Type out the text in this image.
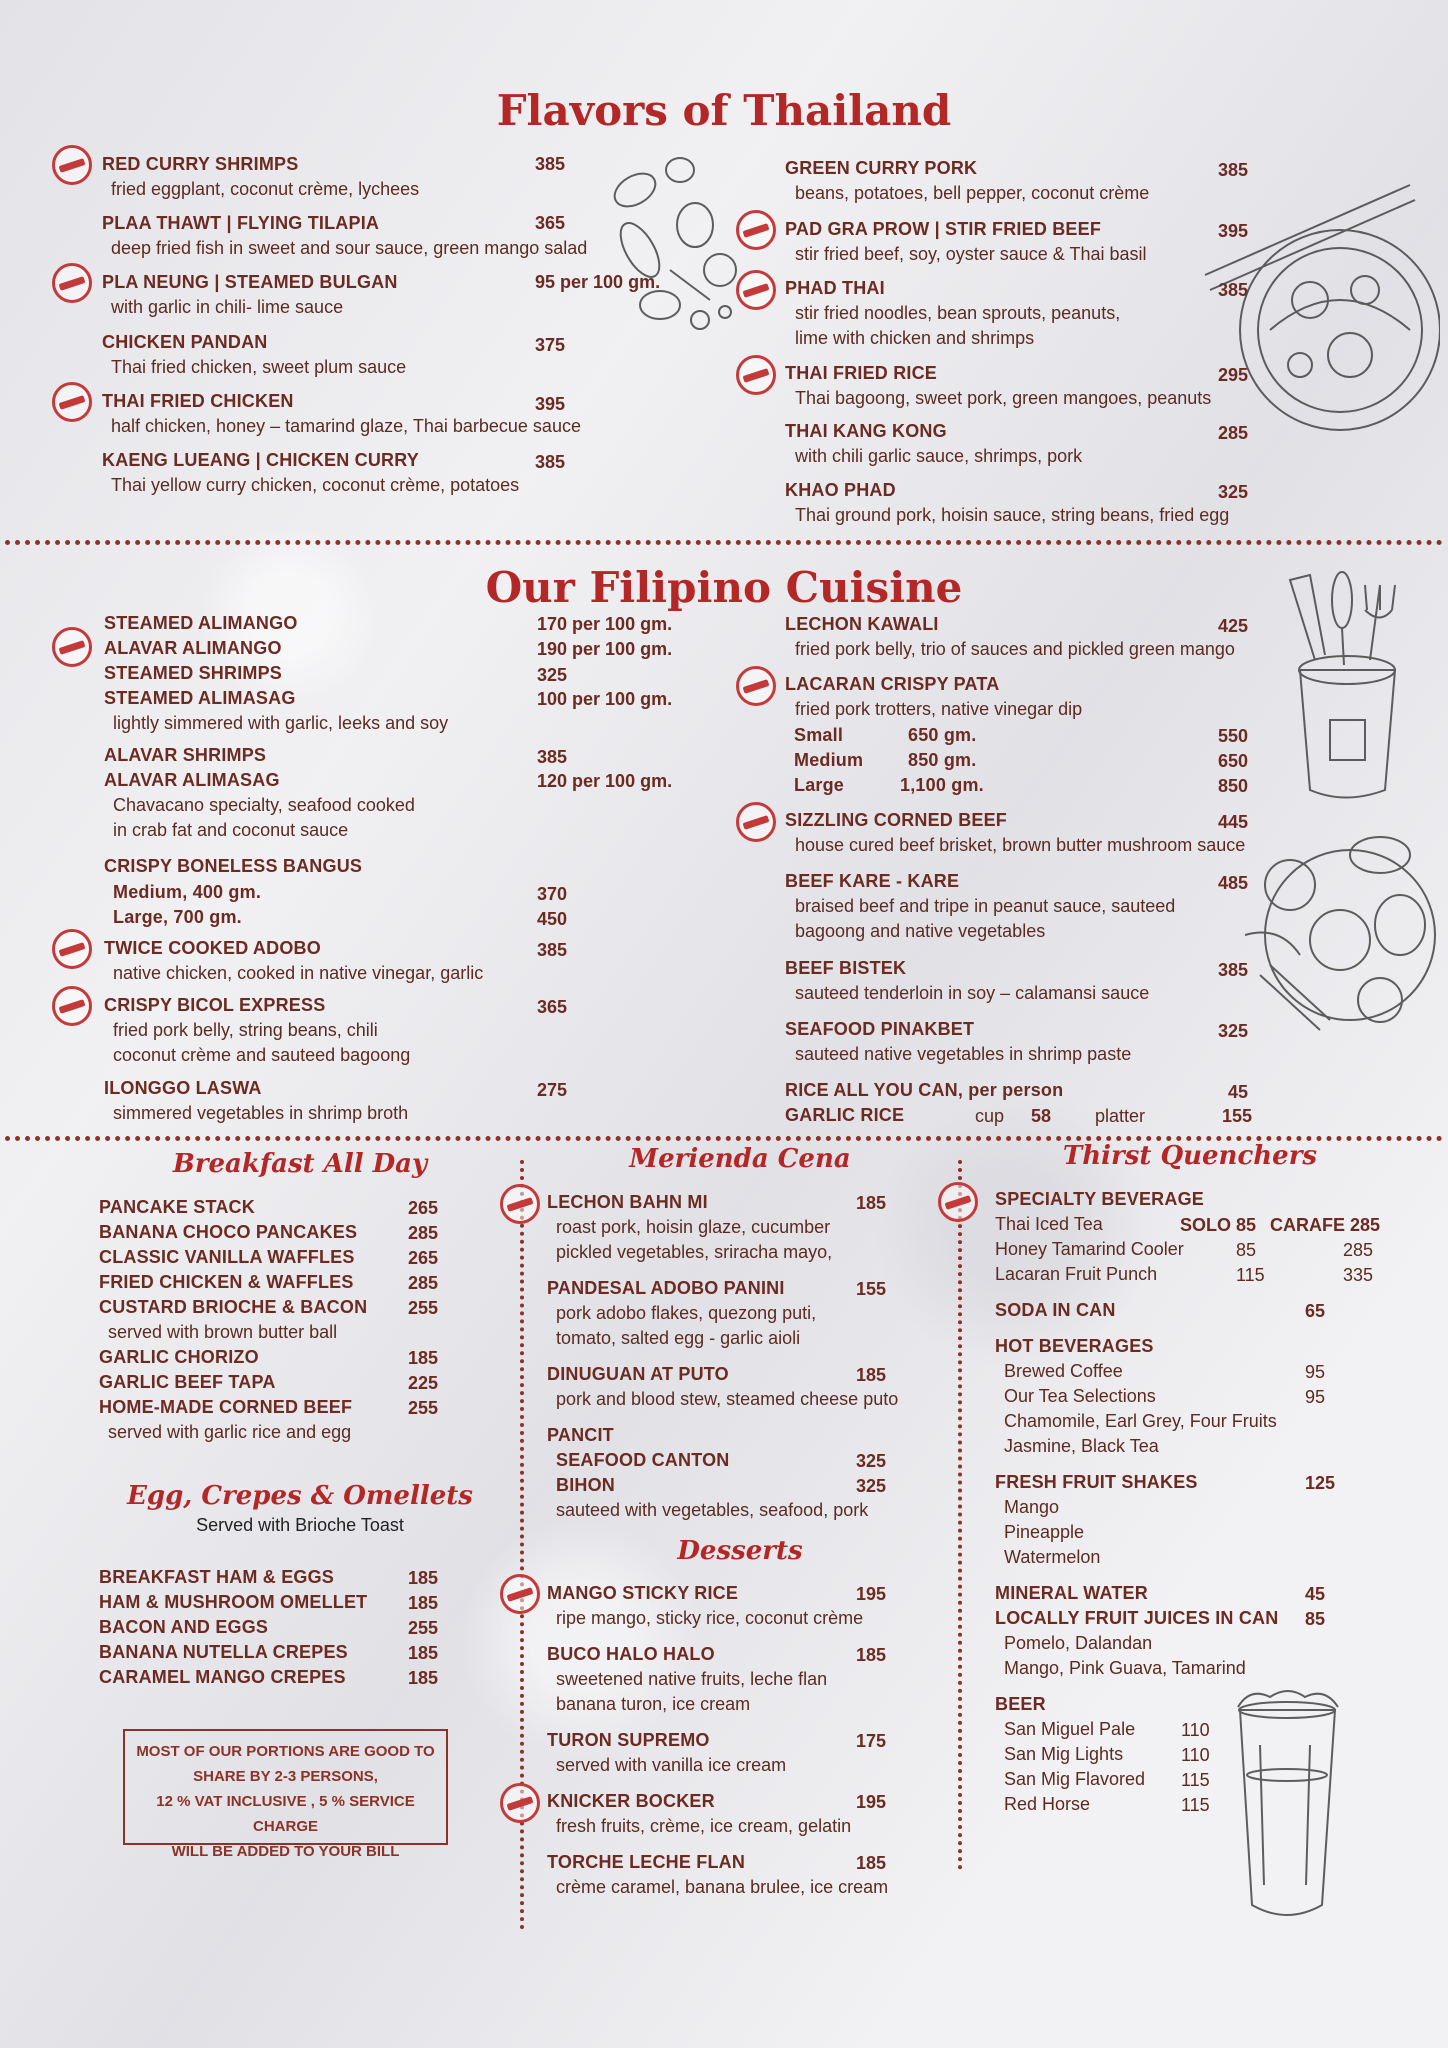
Flavors of Thailand
RED CURRY SHRIMPS	385
fried eggplant, coconut crème, lychees
PLAA THAWT | FLYING TILAPIA	365
deep fried fish in sweet and sour sauce, green mango salad
PLA NEUNG | STEAMED BULGAN	95 per 100 gm.
with garlic in chili- lime sauce
CHICKEN PANDAN	375
Thai fried chicken, sweet plum sauce
THAI FRIED CHICKEN	395
half chicken, honey – tamarind glaze, Thai barbecue sauce
KAENG LUEANG | CHICKEN CURRY	385
Thai yellow curry chicken, coconut crème, potatoes
GREEN CURRY PORK	385
beans, potatoes, bell pepper, coconut crème
PAD GRA PROW | STIR FRIED BEEF	395
stir fried beef, soy, oyster sauce & Thai basil
PHAD THAI	385
stir fried noodles, bean sprouts, peanuts,
lime with chicken and shrimps
THAI FRIED RICE	295
Thai bagoong, sweet pork, green mangoes, peanuts
THAI KANG KONG	285
with chili garlic sauce, shrimps, pork
KHAO PHAD	325
Thai ground pork, hoisin sauce, string beans, fried egg
Our Filipino Cuisine
STEAMED ALIMANGO	170 per 100 gm.
ALAVAR ALIMANGO	190 per 100 gm.
STEAMED SHRIMPS	325
STEAMED ALIMASAG	100 per 100 gm.
lightly simmered with garlic, leeks and soy
ALAVAR SHRIMPS	385
ALAVAR ALIMASAG	120 per 100 gm.
Chavacano specialty, seafood cooked
in crab fat and coconut sauce
CRISPY BONELESS BANGUS
Medium, 400 gm.	370
Large, 700 gm.	450
TWICE COOKED ADOBO	385
native chicken, cooked in native vinegar, garlic
CRISPY BICOL EXPRESS	365
fried pork belly, string beans, chili
coconut crème and sauteed bagoong
ILONGGO LASWA	275
simmered vegetables in shrimp broth
LECHON KAWALI	425
fried pork belly, trio of sauces and pickled green mango
LACARAN CRISPY PATA
fried pork trotters, native vinegar dip
Small	650 gm.	550
Medium 850 gm.	650
Large	1,100 gm.	850
SIZZLING CORNED BEEF	445
house cured beef brisket, brown butter mushroom sauce
BEEF KARE - KARE	485
braised beef and tripe in peanut sauce, sauteed
bagoong and native vegetables
BEEF BISTEK	385
sauteed tenderloin in soy – calamansi sauce
SEAFOOD PINAKBET	325
sauteed native vegetables in shrimp paste
RICE ALL YOU CAN, per person	45
GARLIC RICE	cup 58 platter	155
Breakfast All Day
PANCAKE STACK	265
BANANA CHOCO PANCAKES	285
CLASSIC VANILLA WAFFLES	265
FRIED CHICKEN & WAFFLES	285
CUSTARD BRIOCHE & BACON 255
served with brown butter ball
GARLIC CHORIZO	185
GARLIC BEEF TAPA	225
HOME-MADE CORNED BEEF	255
served with garlic rice and egg
Egg, Crepes & Omellets
Served with Brioche Toast
BREAKFAST HAM & EGGS	185
HAM & MUSHROOM OMELLET 185
BACON AND EGGS	255
BANANA NUTELLA CREPES	185
CARAMEL MANGO CREPES	185
MOST OF OUR PORTIONS ARE GOOD TO
SHARE BY 2-3 PERSONS,
12 % VAT INCLUSIVE , 5 % SERVICE CHARGE
WILL BE ADDED TO YOUR BILL
Merienda Cena
LECHON BAHN MI	185
roast pork, hoisin glaze, cucumber
pickled vegetables, sriracha mayo,
PANDESAL ADOBO PANINI	155
pork adobo flakes, quezong puti,
tomato, salted egg - garlic aioli
DINUGUAN AT PUTO	185
pork and blood stew, steamed cheese puto
PANCIT
SEAFOOD CANTON	325
BIHON	325
sauteed with vegetables, seafood, pork
Desserts
MANGO STICKY RICE	195
ripe mango, sticky rice, coconut crème
BUCO HALO HALO	185
sweetened native fruits, leche flan
banana turon, ice cream
TURON SUPREMO	175
served with vanilla ice cream
KNICKER BOCKER	195
fresh fruits, crème, ice cream, gelatin
TORCHE LECHE FLAN	185
crème caramel, banana brulee, ice cream
Thirst Quenchers
SPECIALTY BEVERAGE
Thai Iced Tea	SOLO 85 CARAFE 285
Honey Tamarind Cooler	85	285
Lacaran Fruit Punch	115	335
SODA IN CAN	65
HOT BEVERAGES
Brewed Coffee	95
Our Tea Selections	95
Chamomile, Earl Grey, Four Fruits
Jasmine, Black Tea
FRESH FRUIT SHAKES	125
Mango
Pineapple
Watermelon
MINERAL WATER	45
LOCALLY FRUIT JUICES IN CAN 85
Pomelo, Dalandan
Mango, Pink Guava, Tamarind
BEER
San Miguel Pale	110
San Mig Lights	110
San Mig Flavored 115
Red Horse	115
